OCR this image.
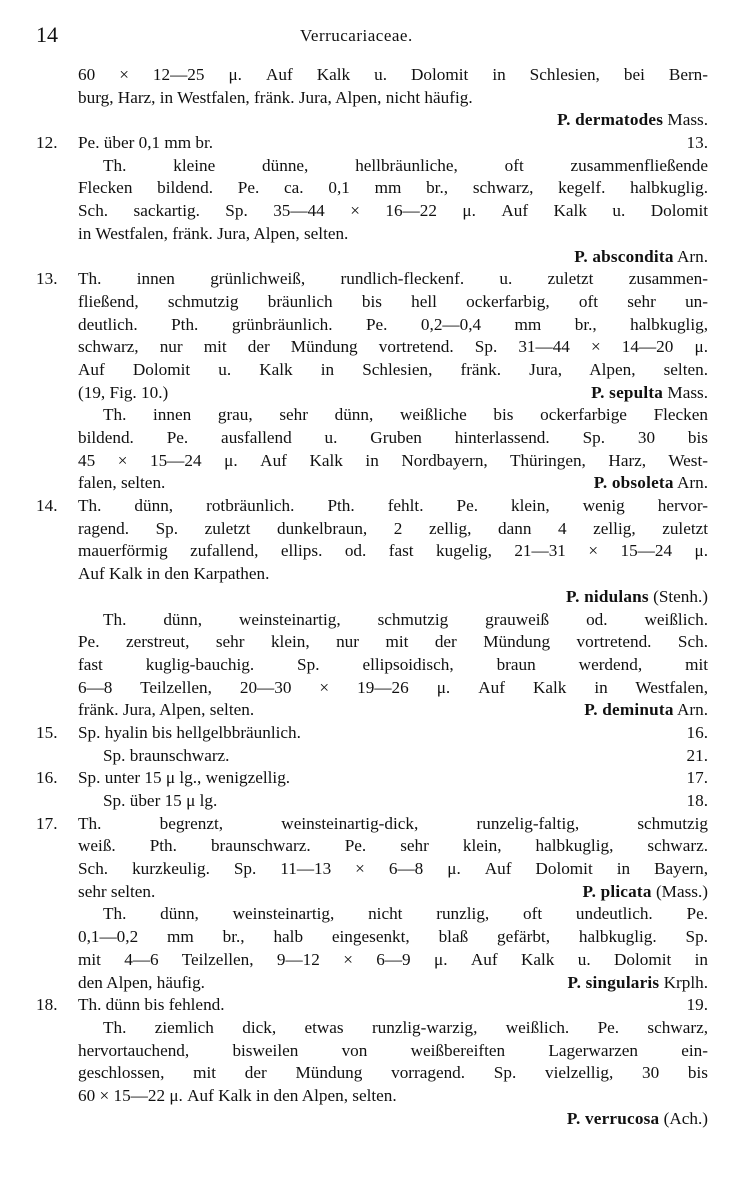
14	Verrucariaceae.
60 × 12—25 μ. Auf Kalk u. Dolomit in Schlesien, bei Bern-
burg, Harz, in Westfalen, fränk. Jura, Alpen, nicht häufig.
P. dermatodes Mass.
12.	Pe. über 0,1 mm br.	13.
Th. kleine dünne, hellbräunliche, oft zusammenfließende
Flecken bildend. Pe. ca. 0,1 mm br., schwarz, kegelf. halbkuglig.
Sch. sackartig. Sp. 35—44 × 16—22 μ. Auf Kalk u. Dolomit
in Westfalen, fränk. Jura, Alpen, selten.
P. abscondita Arn.
13.	Th. innen grünlichweiß, rundlich-fleckenf. u. zuletzt zusammen-
fließend, schmutzig bräunlich bis hell ockerfarbig, oft sehr un-
deutlich. Pth. grünbräunlich. Pe. 0,2—0,4 mm br., halbkuglig,
schwarz, nur mit der Mündung vortretend. Sp. 31—44 × 14—20 μ.
Auf Dolomit u. Kalk in Schlesien, fränk. Jura, Alpen, selten.
(19, Fig. 10.)	P. sepulta Mass.
Th. innen grau, sehr dünn, weißliche bis ockerfarbige Flecken
bildend. Pe. ausfallend u. Gruben hinterlassend. Sp. 30 bis
45 × 15—24 μ. Auf Kalk in Nordbayern, Thüringen, Harz, West-
falen, selten.	P. obsoleta Arn.
14.	Th. dünn, rotbräunlich. Pth. fehlt. Pe. klein, wenig hervor-
ragend. Sp. zuletzt dunkelbraun, 2 zellig, dann 4 zellig, zuletzt
mauerförmig zufallend, ellips. od. fast kugelig, 21—31 × 15—24 μ.
Auf Kalk in den Karpathen.
P. nidulans (Stenh.)
Th. dünn, weinsteinartig, schmutzig grauweiß od. weißlich.
Pe. zerstreut, sehr klein, nur mit der Mündung vortretend. Sch.
fast kuglig-bauchig. Sp. ellipsoidisch, braun werdend, mit
6—8 Teilzellen, 20—30 × 19—26 μ. Auf Kalk in Westfalen,
fränk. Jura, Alpen, selten.	P. deminuta Arn.
15.	Sp. hyalin bis hellgelbbräunlich.	16.
Sp. braunschwarz.	21.
16.	Sp. unter 15 μ lg., wenigzellig.	17.
Sp. über 15 μ lg.	18.
17.	Th. begrenzt, weinsteinartig-dick, runzelig-faltig, schmutzig
weiß. Pth. braunschwarz. Pe. sehr klein, halbkuglig, schwarz.
Sch. kurzkeulig. Sp. 11—13 × 6—8 μ. Auf Dolomit in Bayern,
sehr selten.	P. plicata (Mass.)
Th. dünn, weinsteinartig, nicht runzlig, oft undeutlich. Pe.
0,1—0,2 mm br., halb eingesenkt, blaß gefärbt, halbkuglig. Sp.
mit 4—6 Teilzellen, 9—12 × 6—9 μ. Auf Kalk u. Dolomit in
den Alpen, häufig.	P. singularis Krplh.
18.	Th. dünn bis fehlend.	19.
Th. ziemlich dick, etwas runzlig-warzig, weißlich. Pe. schwarz,
hervortauchend, bisweilen von weißbereiften Lagerwarzen ein-
geschlossen, mit der Mündung vorragend. Sp. vielzellig, 30 bis
60 × 15—22 μ. Auf Kalk in den Alpen, selten.
P. verrucosa (Ach.)
